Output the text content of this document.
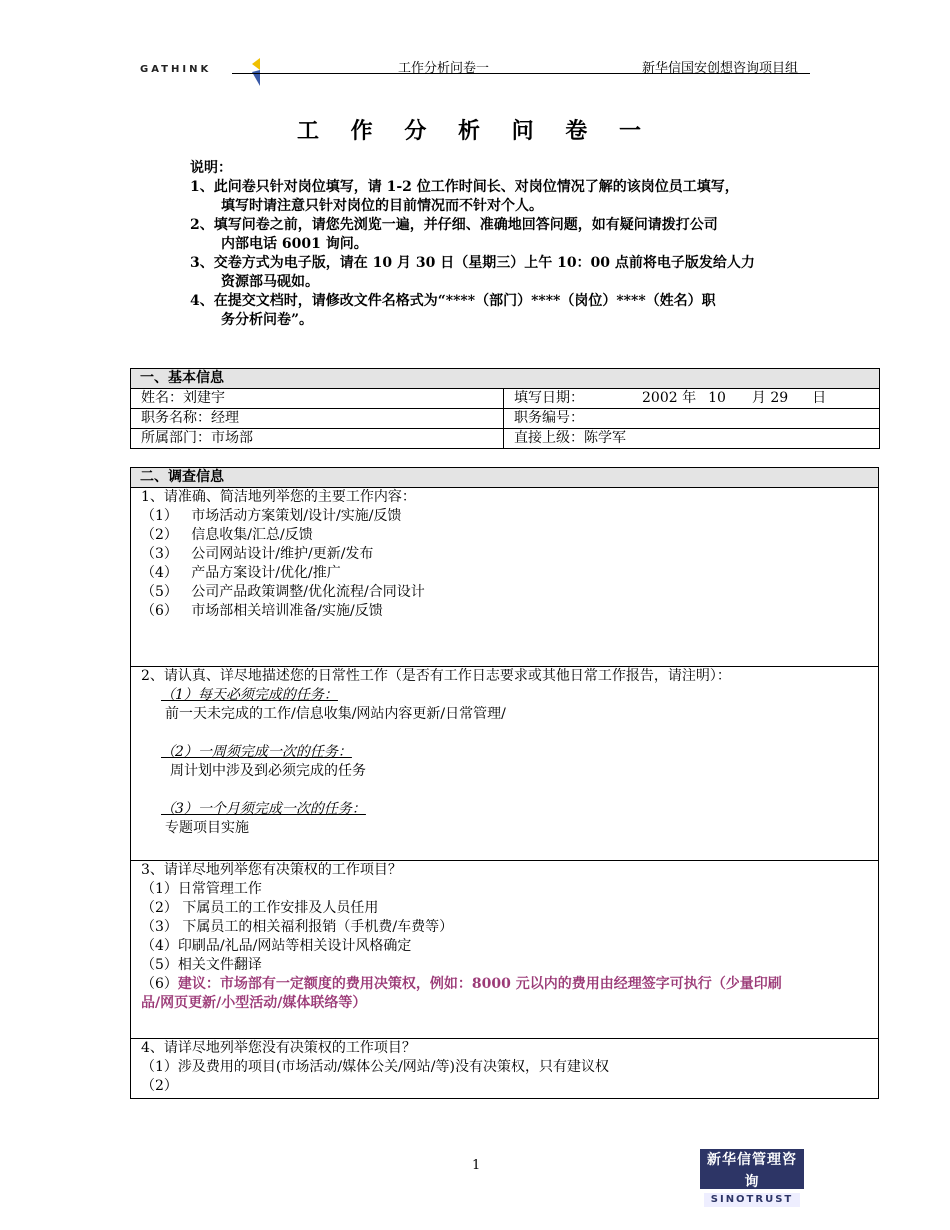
GATHINK	工作分析问卷一	新华信国安创想咨询项目组
工 作 分 析 问 卷 一
说明：
1、此问卷只针对岗位填写，请 1-2 位工作时间长、对岗位情况了解的该岗位员工填写，
填写时请注意只针对岗位的目前情况而不针对个人。
2、填写问卷之前，请您先浏览一遍，并仔细、准确地回答问题，如有疑问请拨打公司
内部电话 6001 询问。
3、交卷方式为电子版，请在 10 月 30 日（星期三）上午 10：00 点前将电子版发给人力
资源部马砚如。
4、在提交文档时，请修改文件名格式为“****（部门）****（岗位）****（姓名）职
务分析问卷”。
一、基本信息	
姓名：刘建宇	填写日期： 2002 年 10 月 29 日
职务名称：经理	职务编号：
所属部门：市场部	直接上级：陈学军
二、调查信息

1、请准确、简洁地列举您的主要工作内容：
（1）   市场活动方案策划/设计/实施/反馈
（2）   信息收集/汇总/反馈
（3）   公司网站设计/维护/更新/发布
（4）   产品方案设计/优化/推广
（5）   公司产品政策调整/优化流程/合同设计
（6）   市场部相关培训准备/实施/反馈

2、请认真、详尽地描述您的日常性工作（是否有工作日志要求或其他日常工作报告，请注明）：
（1）每天必须完成的任务：
前一天未完成的工作/信息收集/网站内容更新/日常管理/
（2）一周须完成一次的任务：
周计划中涉及到必须完成的任务
（3）一个月须完成一次的任务：
专题项目实施

3、请详尽地列举您有决策权的工作项目？
（1）日常管理工作
（2） 下属员工的工作安排及人员任用
（3） 下属员工的相关福利报销（手机费/车费等）
（4）印刷品/礼品/网站等相关设计风格确定
（5）相关文件翻译
（6）建议：市场部有一定额度的费用决策权，例如：8000 元以内的费用由经理签字可执行（少量印刷
品/网页更新/小型活动/媒体联络等）

4、请详尽地列举您没有决策权的工作项目？
（1）涉及费用的项目(市场活动/媒体公关/网站/等)没有决策权，只有建议权
（2）
1	新华信管理咨询
SINOTRUST
